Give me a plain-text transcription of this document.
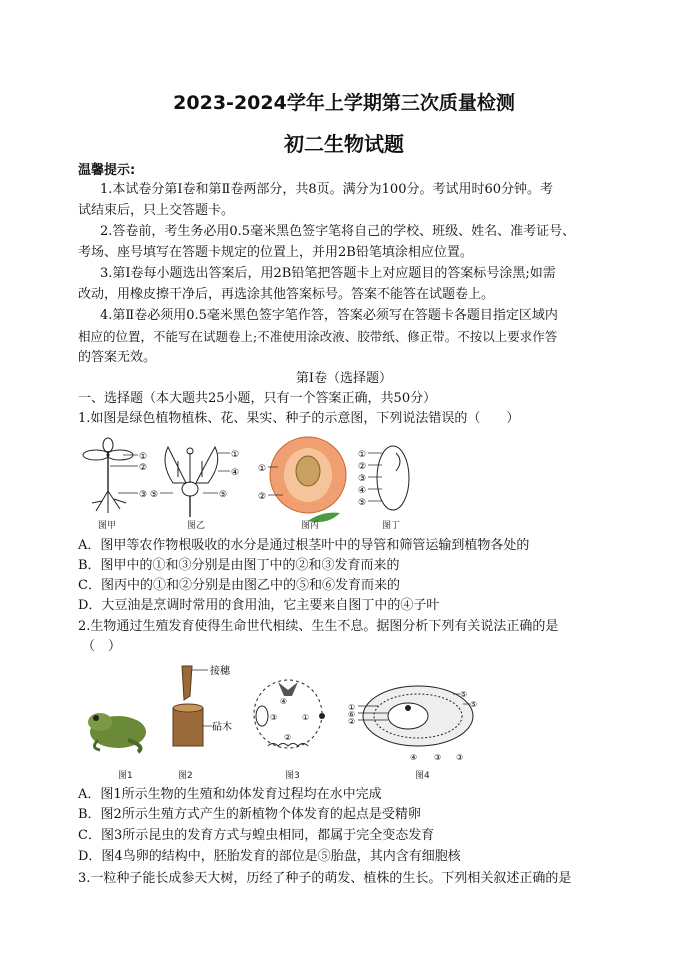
2023-2024学年上学期第三次质量检测
初二生物试题
温馨提示:
1.本试卷分第Ⅰ卷和第Ⅱ卷两部分，共8页。满分为100分。考试用时60分钟。考
试结束后，只上交答题卡。
2.答卷前，考生务必用0.5毫米黑色签字笔将自己的学校、班级、姓名、准考证号、
考场、座号填写在答题卡规定的位置上，并用2B铅笔填涂相应位置。
3.第Ⅰ卷每小题选出答案后，用2B铅笔把答题卡上对应题目的答案标号涂黑;如需
改动，用橡皮擦干净后，再选涂其他答案标号。答案不能答在试题卷上。
4.第Ⅱ卷必须用0.5毫米黑色签字笔作答，答案必须写在答题卡各题目指定区域内
相应的位置，不能写在试题卷上;不准使用涂改液、胶带纸、修正带。不按以上要求作答
的答案无效。
第Ⅰ卷（选择题）
一、选择题（本大题共25小题，只有一个答案正确，共50分）
1.如图是绿色植物植株、花、果实、种子的示意图，下列说法错误的（　　）
①
②
③
①
④
⑤	⑤
①
②
①
②
③
④
⑤
图甲	图乙	图丙	图丁
A．图甲等农作物根吸收的水分是通过根茎叶中的导管和筛管运输到植物各处的
B．图甲中的①和③分别是由图丁中的②和③发育而来的
C．图丙中的①和②分别是由图乙中的⑤和⑥发育而来的
D．大豆油是烹调时常用的食用油，它主要来自图丁中的④子叶
2.生物通过生殖发育使得生命世代相续、生生不息。据图分析下列有关说法正确的是
（　）
接穗
砧木
④
③	①
②
①
⑥
②
⑤
⑤
④ ③ ③
图1	图2	图3	图4
A．图1所示生物的生殖和幼体发育过程均在水中完成
B．图2所示生殖方式产生的新植物个体发育的起点是受精卵
C．图3所示昆虫的发育方式与蝗虫相同，都属于完全变态发育
D．图4鸟卵的结构中，胚胎发育的部位是⑤胎盘，其内含有细胞核
3.一粒种子能长成参天大树，历经了种子的萌发、植株的生长。下列相关叙述正确的是
